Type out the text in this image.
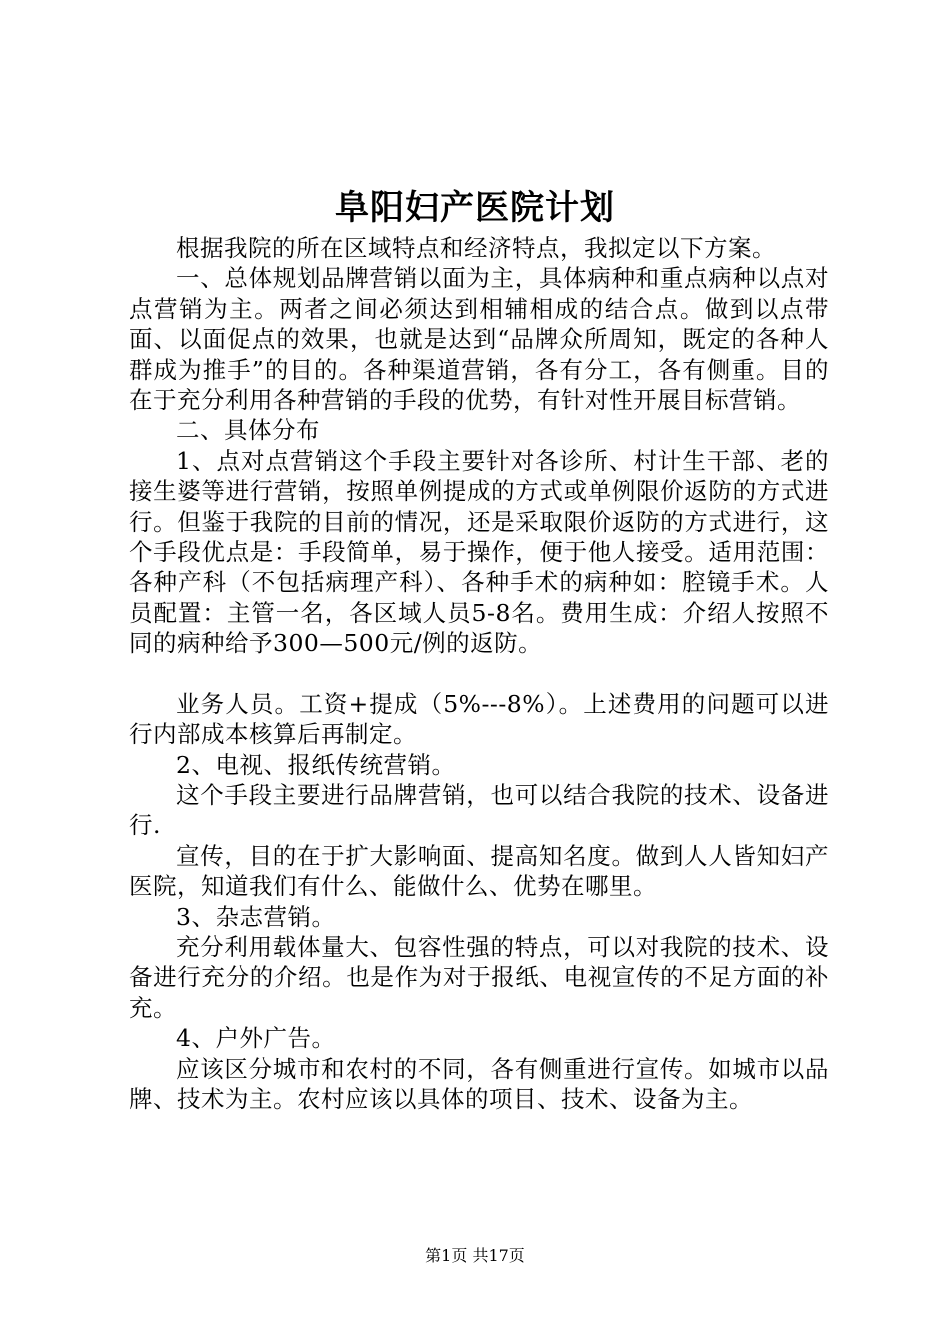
阜阳妇产医院计划

根据我院的所在区域特点和经济特点，我拟定以下方案。

一、总体规划品牌营销以面为主，具体病种和重点病种以点对点营销为主。两者之间必须达到相辅相成的结合点。做到以点带面、以面促点的效果，也就是达到“品牌众所周知，既定的各种人群成为推手”的目的。各种渠道营销，各有分工，各有侧重。目的在于充分利用各种营销的手段的优势，有针对性开展目标营销。

二、具体分布

1、点对点营销这个手段主要针对各诊所、村计生干部、老的接生婆等进行营销，按照单例提成的方式或单例限价返防的方式进行。但鉴于我院的目前的情况，还是采取限价返防的方式进行，这个手段优点是：手段简单，易于操作，便于他人接受。适用范围：各种产科（不包括病理产科）、各种手术的病种如：腔镜手术。人员配置：主管一名，各区域人员5-8名。费用生成：介绍人按照不同的病种给予300—500元/例的返防。

业务人员。工资+提成（5%---8%）。上述费用的问题可以进行内部成本核算后再制定。

2、电视、报纸传统营销。

这个手段主要进行品牌营销，也可以结合我院的技术、设备进行.

宣传，目的在于扩大影响面、提高知名度。做到人人皆知妇产医院，知道我们有什么、能做什么、优势在哪里。

3、杂志营销。

充分利用载体量大、包容性强的特点，可以对我院的技术、设备进行充分的介绍。也是作为对于报纸、电视宣传的不足方面的补充。

4、户外广告。

应该区分城市和农村的不同，各有侧重进行宣传。如城市以品牌、技术为主。农村应该以具体的项目、技术、设备为主。

第1页 共17页
